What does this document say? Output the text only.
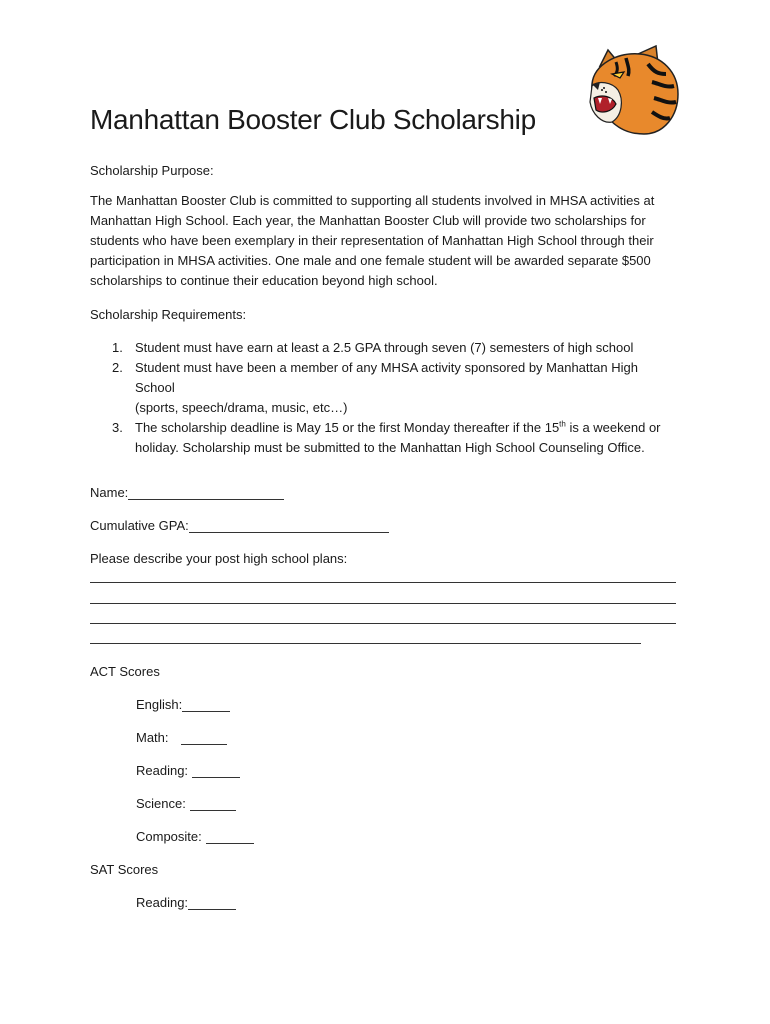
Manhattan Booster Club Scholarship
Scholarship Purpose:

The Manhattan Booster Club is committed to supporting all students involved in MHSA activities at

Manhattan High School. Each year, the Manhattan Booster Club will provide two scholarships for

students who have been exemplary in their representation of Manhattan High School through their

participation in MHSA activities. One male and one female student will be awarded separate $500

scholarships to continue their education beyond high school.

Scholarship Requirements:
1. Student must have earn at least a 2.5 GPA through seven (7) semesters of high school
2. Student must have been a member of any MHSA activity sponsored by Manhattan High School
(sports, speech/drama, music, etc…)
3. The scholarship deadline is May 15 or the first Monday thereafter if the 15th is a weekend or
holiday. Scholarship must be submitted to the Manhattan High School Counseling Office.
Name:
Cumulative GPA:
Please describe your post high school plans:
ACT Scores
English:
Math:
Reading:
Science:
Composite:
SAT Scores
Reading:
